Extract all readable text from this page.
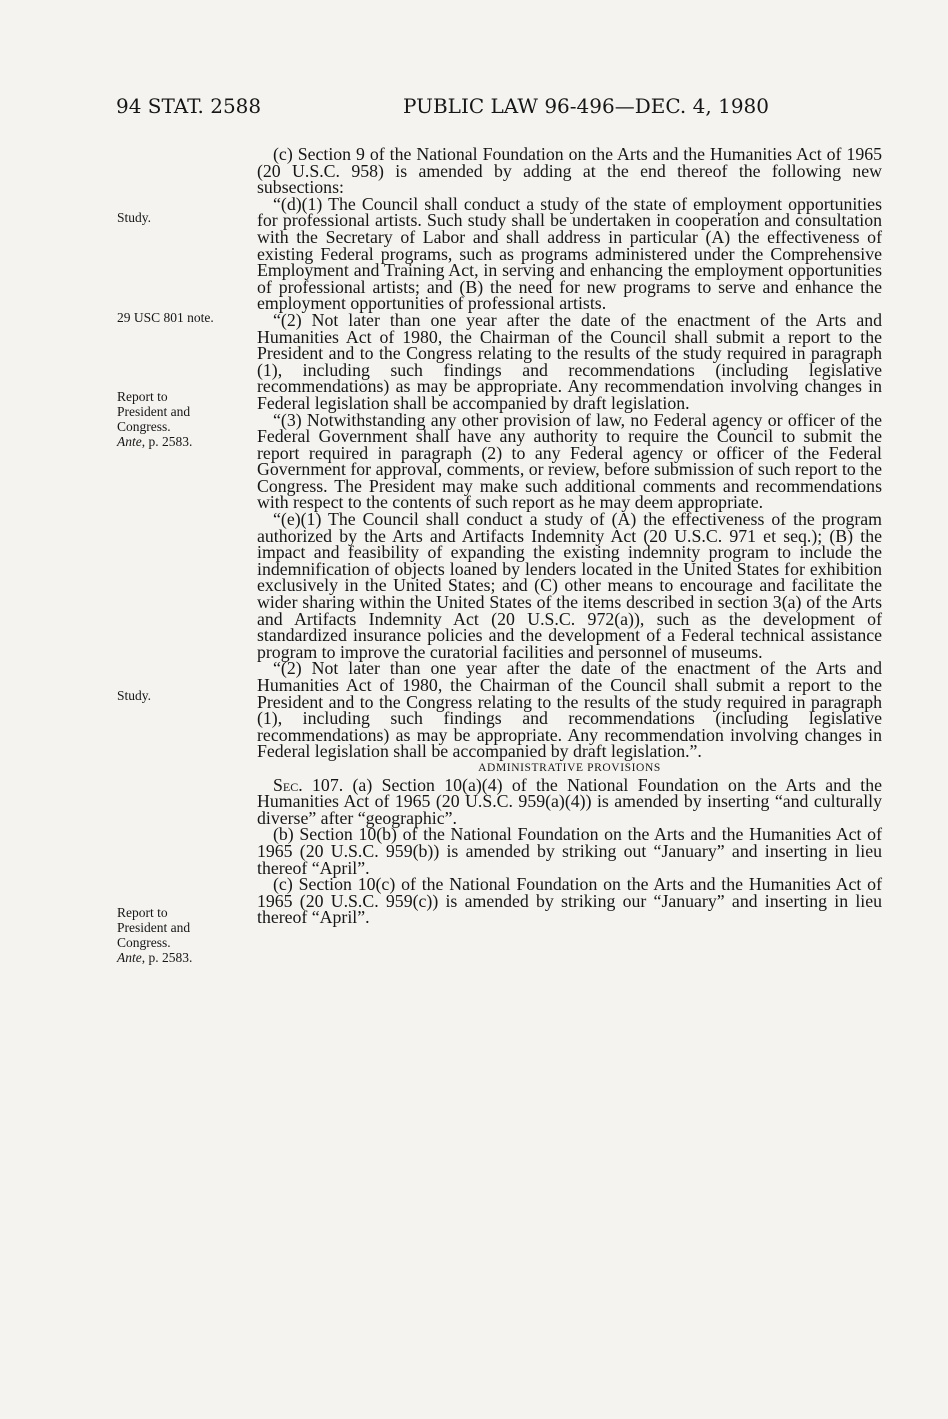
94 STAT. 2588	PUBLIC LAW 96-496—DEC. 4, 1980
Study.
29 USC 801 note.
Report to
President and
Congress.
Ante, p. 2583.
Study.
Report to
President and
Congress.
Ante, p. 2583.

(c) Section 9 of the National Foundation on the Arts and the Humanities Act of 1965 (20 U.S.C. 958) is amended by adding at the end thereof the following new subsections:

“(d)(1) The Council shall conduct a study of the state of employment opportunities for professional artists. Such study shall be undertaken in cooperation and consultation with the Secretary of Labor and shall address in particular (A) the effectiveness of existing Federal programs, such as programs administered under the Comprehensive Employment and Training Act, in serving and enhancing the employment opportunities of professional artists; and (B) the need for new programs to serve and enhance the employment opportunities of professional artists.

“(2) Not later than one year after the date of the enactment of the Arts and Humanities Act of 1980, the Chairman of the Council shall submit a report to the President and to the Congress relating to the results of the study required in paragraph (1), including such findings and recommendations (including legislative recommendations) as may be appropriate. Any recommendation involving changes in Federal legislation shall be accompanied by draft legislation.

“(3) Notwithstanding any other provision of law, no Federal agency or officer of the Federal Government shall have any authority to require the Council to submit the report required in paragraph (2) to any Federal agency or officer of the Federal Government for approval, comments, or review, before submission of such report to the Congress. The President may make such additional comments and recommendations with respect to the contents of such report as he may deem appropriate.

“(e)(1) The Council shall conduct a study of (A) the effectiveness of the program authorized by the Arts and Artifacts Indemnity Act (20 U.S.C. 971 et seq.); (B) the impact and feasibility of expanding the existing indemnity program to include the indemnification of objects loaned by lenders located in the United States for exhibition exclusively in the United States; and (C) other means to encourage and facilitate the wider sharing within the United States of the items described in section 3(a) of the Arts and Artifacts Indemnity Act (20 U.S.C. 972(a)), such as the development of standardized insurance policies and the development of a Federal technical assistance program to improve the curatorial facilities and personnel of museums.

“(2) Not later than one year after the date of the enactment of the Arts and Humanities Act of 1980, the Chairman of the Council shall submit a report to the President and to the Congress relating to the results of the study required in paragraph (1), including such findings and recommendations (including legislative recommendations) as may be appropriate. Any recommendation involving changes in Federal legislation shall be accompanied by draft legislation.”.

ADMINISTRATIVE PROVISIONS

Sec. 107. (a) Section 10(a)(4) of the National Foundation on the Arts and the Humanities Act of 1965 (20 U.S.C. 959(a)(4)) is amended by inserting “and culturally diverse” after “geographic”.

(b) Section 10(b) of the National Foundation on the Arts and the Humanities Act of 1965 (20 U.S.C. 959(b)) is amended by striking out “January” and inserting in lieu thereof “April”.

(c) Section 10(c) of the National Foundation on the Arts and the Humanities Act of 1965 (20 U.S.C. 959(c)) is amended by striking our “January” and inserting in lieu thereof “April”.
